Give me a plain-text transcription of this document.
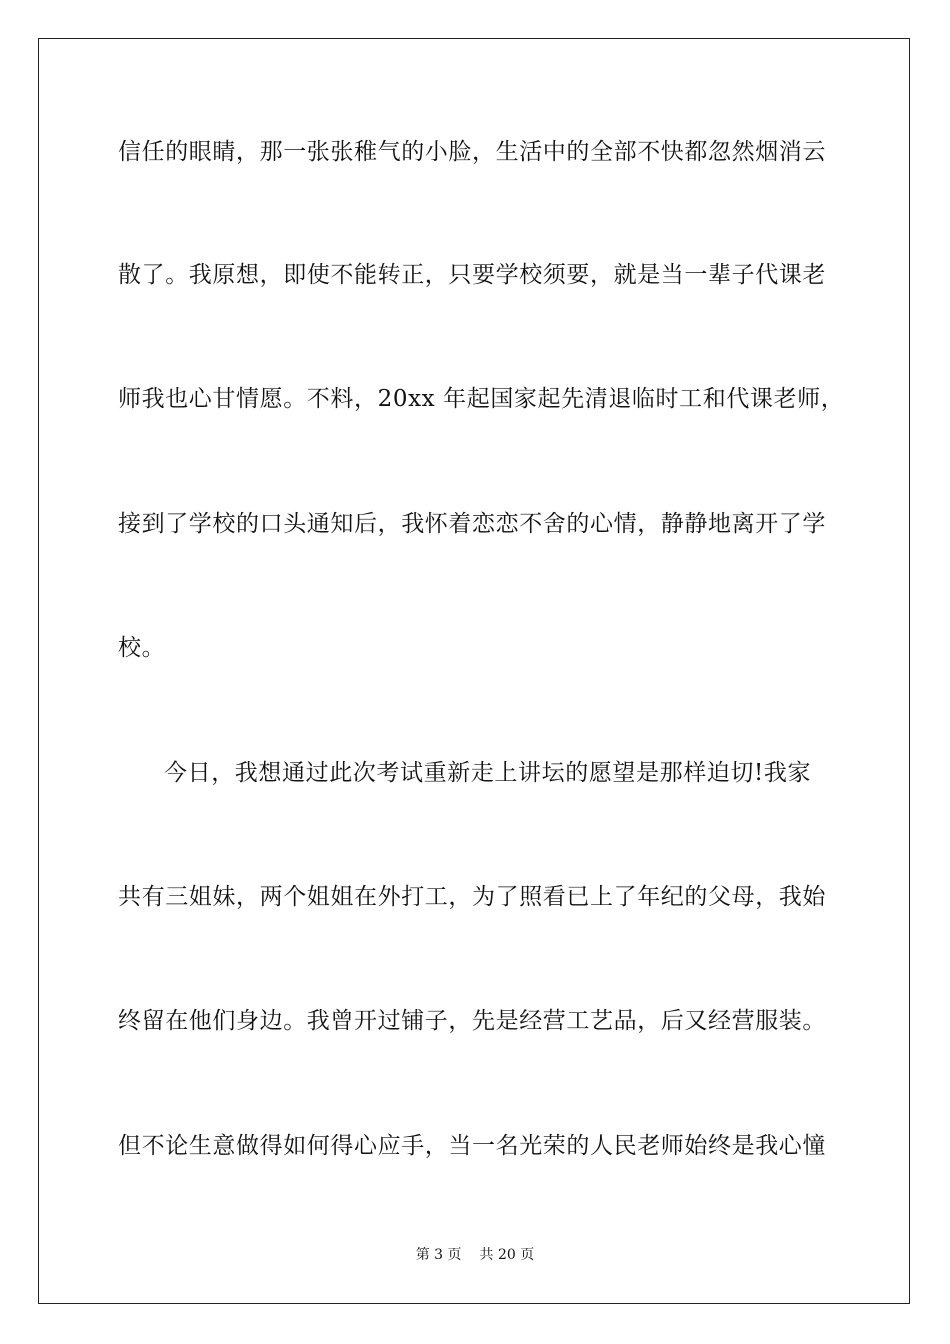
信任的眼睛，那一张张稚气的小脸，生活中的全部不快都忽然烟消云
散了。我原想，即使不能转正，只要学校须要，就是当一辈子代课老
师我也心甘情愿。不料，20xx 年起国家起先清退临时工和代课老师，
接到了学校的口头通知后，我怀着恋恋不舍的心情，静静地离开了学
校。
今日，我想通过此次考试重新走上讲坛的愿望是那样迫切!我家
共有三姐妹，两个姐姐在外打工，为了照看已上了年纪的父母，我始
终留在他们身边。我曾开过铺子，先是经营工艺品，后又经营服装。
但不论生意做得如何得心应手，当一名光荣的人民老师始终是我心憧
第 3 页 共 20 页
